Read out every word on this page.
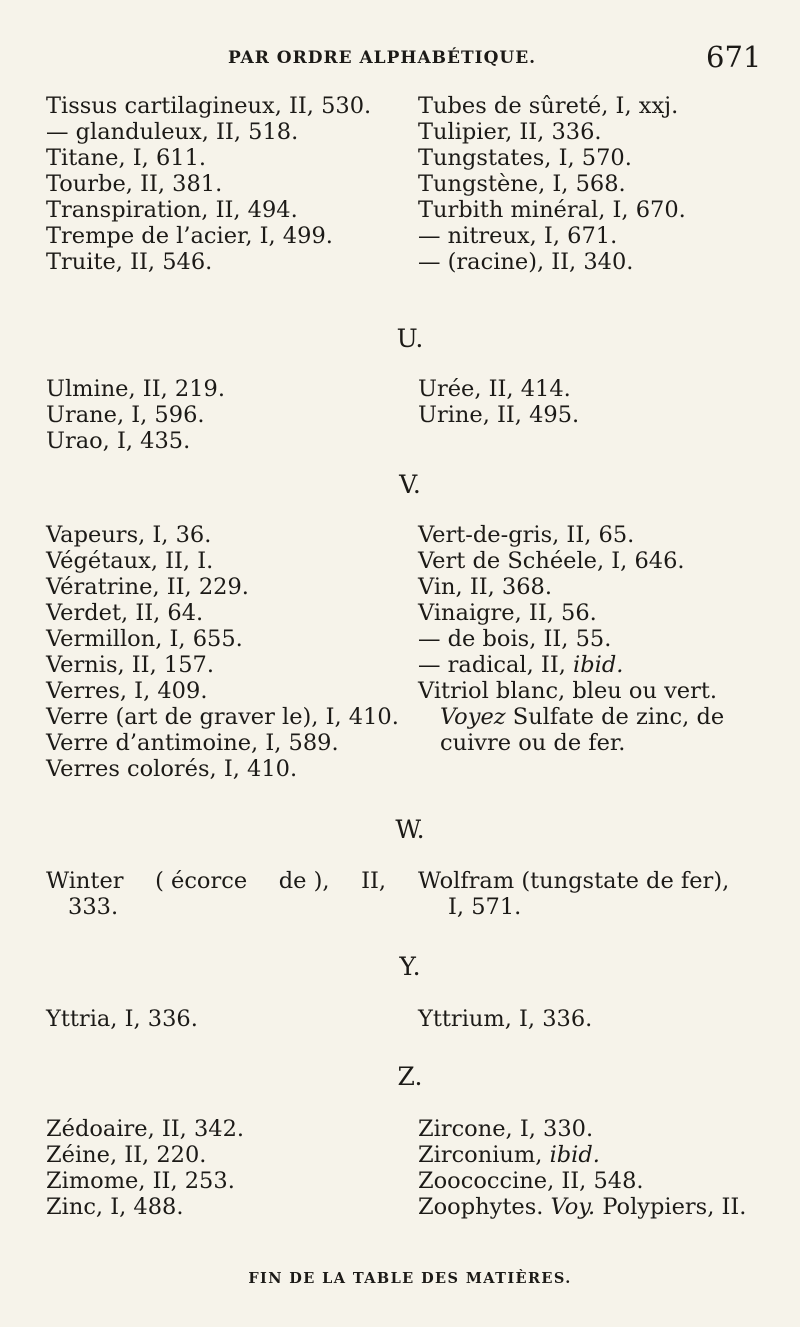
PAR ORDRE ALPHABÉTIQUE.	671
Tissus cartilagineux, II, 530.
— glanduleux, II, 518.
Titane, I, 611.
Tourbe, II, 381.
Transpiration, II, 494.
Trempe de l’acier, I, 499.
Truite, II, 546.
Tubes de sûreté, I, xxj.
Tulipier, II, 336.
Tungstates, I, 570.
Tungstène, I, 568.
Turbith minéral, I, 670.
— nitreux, I, 671.
— (racine), II, 340.
U.
Ulmine, II, 219.
Urane, I, 596.
Urao, I, 435.
Urée, II, 414.
Urine, II, 495.
V.
Vapeurs, I, 36.
Végétaux, II, I.
Vératrine, II, 229.
Verdet, II, 64.
Vermillon, I, 655.
Vernis, II, 157.
Verres, I, 409.
Verre (art de graver le), I, 410.
Verre d’antimoine, I, 589.
Verres colorés, I, 410.
Vert-de-gris, II, 65.
Vert de Schéele, I, 646.
Vin, II, 368.
Vinaigre, II, 56.
— de bois, II, 55.
— radical, II, ibid.
Vitriol blanc, bleu ou vert.
Voyez Sulfate de zinc, de
cuivre ou de fer.
W.
Winter ( écorce de ), II,
333.
Wolfram (tungstate de fer),
I, 571.
Y.
Yttria, I, 336.	Yttrium, I, 336.
Z.
Zédoaire, II, 342.
Zéine, II, 220.
Zimome, II, 253.
Zinc, I, 488.
Zircone, I, 330.
Zirconium, ibid.
Zoococcine, II, 548.
Zoophytes. Voy. Polypiers, II.
FIN DE LA TABLE DES MATIÈRES.
